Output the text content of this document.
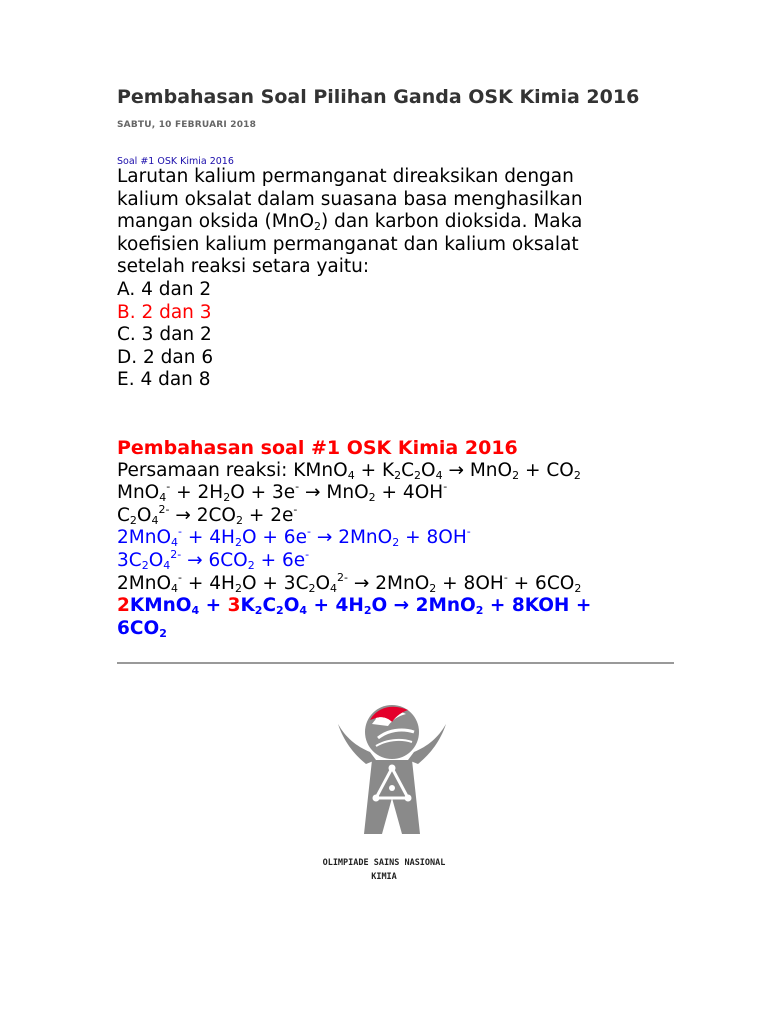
Pembahasan Soal Pilihan Ganda OSK Kimia 2016
SABTU, 10 FEBRUARI 2018
Soal #1 OSK Kimia 2016
Larutan kalium permanganat direaksikan dengan
kalium oksalat dalam suasana basa menghasilkan
mangan oksida (MnO$_2$) dan karbon dioksida. Maka
koefisien kalium permanganat dan kalium oksalat
setelah reaksi setara yaitu:
A. 4 dan 2
B. 2 dan 3
C. 3 dan 2
D. 2 dan 6
E. 4 dan 8
Pembahasan soal #1 OSK Kimia 2016
Persamaan reaksi: KMnO$_4$ + $K_2C_2O_4 \to MnO_2 + CO_2$
$MnO_4^- + 2H_2O + 3e^- \to MnO_2 + 4OH^-$
$C_2O_4^{2-} \to 2CO_2 + 2e^-$
$2MnO_4^- + 4H_2O + 6e^- \to 2MnO_2 + 8OH^-$
$3C_2O_4^{2-} \to 6CO_2 + 6e^-$
$2MnO_4^- + 4H_2O + 3C_2O_4^{2-} \to 2MnO_2 + 8OH^- + 6CO_2$
2KMnO$_4$ + $3K_2C_2O_4 + 4H_2O \to 2MnO_2 + 8KOH$ +
$6CO_2$
OLIMPIADE SAINS NASIONAL
KIMIA
